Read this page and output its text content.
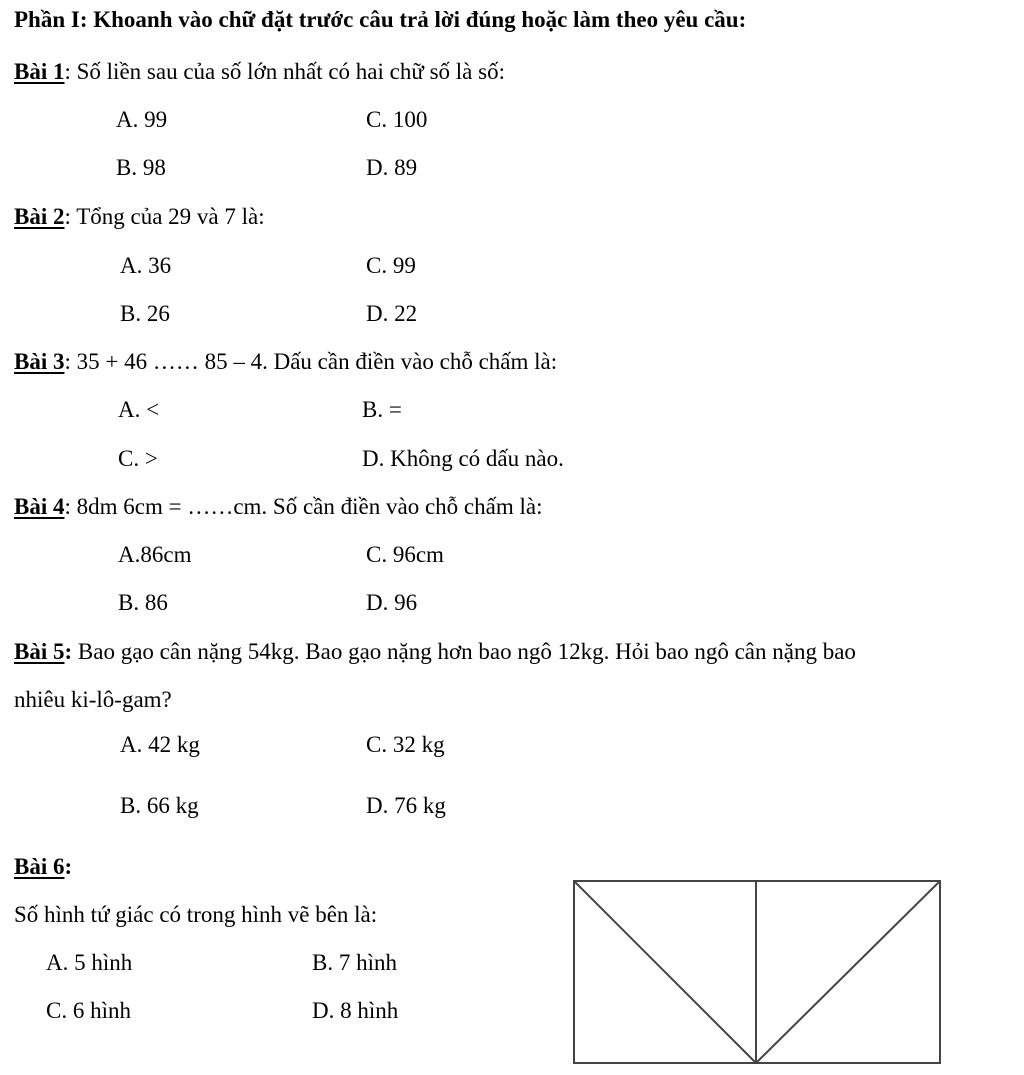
Phần I: Khoanh vào chữ đặt trước câu trả lời đúng hoặc làm theo yêu cầu:
Bài 1: Số liền sau của số lớn nhất có hai chữ số là số:
A. 99	C. 100
B. 98	D. 89
Bài 2: Tổng của 29 và 7 là:
A. 36	C. 99
B. 26	D. 22
Bài 3: 35 + 46 …… 85 – 4. Dấu cần điền vào chỗ chấm là:
A. <	B. =
C. >	D. Không có dấu nào.
Bài 4: 8dm 6cm = ……cm. Số cần điền vào chỗ chấm là:
A.86cm	C. 96cm
B. 86	D. 96
Bài 5: Bao gạo cân nặng 54kg. Bao gạo nặng hơn bao ngô 12kg. Hỏi bao ngô cân nặng bao
nhiêu ki-lô-gam?
A. 42 kg	C. 32 kg
B. 66 kg	D. 76 kg
Bài 6:
Số hình tứ giác có trong hình vẽ bên là:
A. 5 hình	B. 7 hình
C. 6 hình	D. 8 hình
